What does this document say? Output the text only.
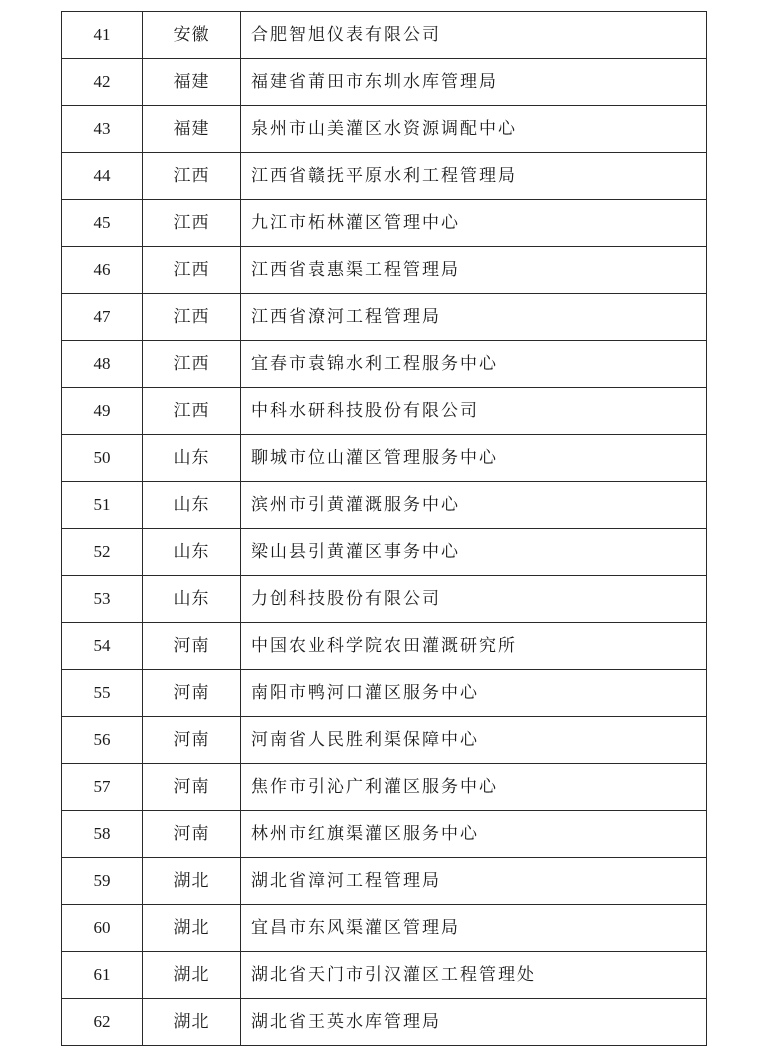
41	安徽	合肥智旭仪表有限公司
42	福建	福建省莆田市东圳水库管理局
43	福建	泉州市山美灌区水资源调配中心
44	江西	江西省赣抚平原水利工程管理局
45	江西	九江市柘林灌区管理中心
46	江西	江西省袁惠渠工程管理局
47	江西	江西省潦河工程管理局
48	江西	宜春市袁锦水利工程服务中心
49	江西	中科水研科技股份有限公司
50	山东	聊城市位山灌区管理服务中心
51	山东	滨州市引黄灌溉服务中心
52	山东	梁山县引黄灌区事务中心
53	山东	力创科技股份有限公司
54	河南	中国农业科学院农田灌溉研究所
55	河南	南阳市鸭河口灌区服务中心
56	河南	河南省人民胜利渠保障中心
57	河南	焦作市引沁广利灌区服务中心
58	河南	林州市红旗渠灌区服务中心
59	湖北	湖北省漳河工程管理局
60	湖北	宜昌市东风渠灌区管理局
61	湖北	湖北省天门市引汉灌区工程管理处
62	湖北	湖北省王英水库管理局
